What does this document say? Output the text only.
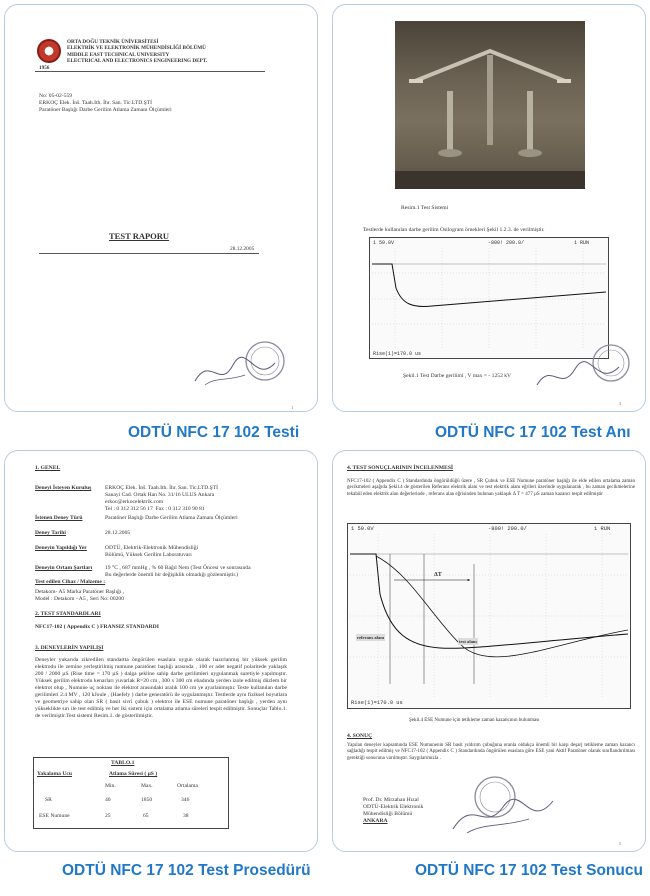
ORTA DOĞU TEKNİK ÜNİVERSİTESİ
ELEKTRİK VE ELEKTRONİK MÜHENDİSLİĞİ BÖLÜMÜ
MIDDLE EAST TECHNICAL UNIVERSITY
ELECTRICAL AND ELECTRONICS ENGINEERING DEPT.
1956
No: 05-02-559
ERKOÇ Elek. İnš. Taah.Ith. İhr. San. Tic.LTD.ŞTİ
Paratöner Başlığı Darbe Gerilim Atlama Zamanı Ölçümleri
TEST RAPORU
28.12.2005
1
ODTÜ NFC 17 102 Testi
Resim.1 Test Sistemi
Testlerde kullanılan darbe gerilim Osilogram örnekleri Şekil 1.2.3. de verilmiştir.
1 50.0V	-800! 200.0/	1 RUN
Rise(1)=170.0 us
Şekil.1 Test Darbe gerilimi , V max = - 1252 kV
3
ODTÜ NFC 17 102 Test Anı
1. GENEL
Deneyi İsteyen Kuruluş ERKOÇ Elek. İnš. Taah.Ith. İhr. San. Tic.LTD.ŞTİ
Sanayi Cad. Ortak Han No. 31/16 ULUS Ankara
erkoc@erkocelektrik.com
Tel : 0 312 312 56 17  Fax : 0 312 310 90 81
İstenen Deney Türü	Paratöner Başlığı Darbe Gerilim Atlama Zamanı Ölçümleri
Deney Tarihi	28.12.2005
Deneyin Yapıldığı Yer	ODTÜ, Elektrik-Elektronik Mühendisliği
Bölümü, Yüksek Gerilim Laboratuvarı
Deneyin Ortam Şartları 19 °C , 687 mmHg , % 60 Bağıl Nem (Test Öncesi ve sonrasında
Bu değerlerde önemli bir değişiklik olmadığı gözlenmiştir.)
Test edilen Cihaz / Malzeme :
Detakom- A5 Marka Paratöner Başlığı ,
Model : Detakom - A5 , Seri No: 00200
2. TEST STANDARDLARI
NFC17-102 ( Appendix C ) FRANSIZ STANDARDI
3. DENEYLERİN YAPILIŞI
Deneyler yukarıda zikredilen standartta öngörülen esaslara uygun olarak hazırlanmış bir yüksek gerilim elektrodu ile zemine yerleştirilmiş numune paratöner başlığı arasında , 100 er adet negatif polaritede yaklaşık 200 / 2000 µS (Rise time = 170 µS ) dalga şekline sahip darbe gerilimleri uygulanmak suretiyle yapılmıştır. Yüksek gerilim elektrodu kenarları yuvarlak R=20 cm , 300 x 300 cm ebadında yerden izole edilmiş düzlem bir elektrot olup , Numune uç noktası ile elektrot arasındaki aralık 100 cm ye ayarlanmıştır. Teste kullanılan darbe gerilimleri 2.4 MV , 120 kJoule , (Haefely ) darbe generatörü ile uygulanmıştır. Testlerde aynı fiziksel boyutlara ve geometriye sahip olan SR ( basit sivri çubuk ) elektrot ile ESE numune paratöner başlığı , yerden aynı yükseklikte sırı ile test edilmiş ve her iki sistem için ortalama atlama süreleri tespit edilmiştir. Sonuçlar Tablo.1. de verilmiştir.Test sistemi Resim.1. de gösterilmiştir.
TABLO.1
Yakalama Ucu	Atlama Süresi ( µS )
Min.	Max.	Ortalama
SR	40	1850	346
ESE Numune	25	65	38
ODTÜ NFC 17 102 Test Prosedürü
4. TEST SONUÇLARININ İNCELENMESİ
NFC17-102 ( Appendix C ) Standardında öngörüldüğü üzere , SR Çubuk ve ESE Numune paratöner başlığı ile elde edilen ortalama zaman gecikmeleri aşağıda Şekil.4 de gösterilen Referans elektrik alanı ve test elektrik alanı eğrileri üzerinde uygulanarak , bu zaman gecikmelerine tekabül eden elektrik alan değerlerinde , referans alan eğrisinden bulunan yaklaşık Δ T = 477 µS zaman kazancı tespit edilmiştir
1 50.0V	-800! 200.0/	1 RUN
ΔT
referans alanı
test alanı
Rise(1)=170.0 us
Şekil.4 ESE Numune için tetikleme zaman kazancının bulunması
4. SONUÇ
Yapılan deneyler kapsamında ESE Numunenin SR basit yıldırım çubuğuna oranla oldukça önemli bir karşı deşarj tetikleme zaman kazancı sağladığı tespit edilmiş ve NFC17-102 ( Appendix C ) Standardında öngörülen esaslara göre ESE yani Aktif Paratöner olarak sınıflandırılması gerektiği sonucuna varılmıştır. Saygılarımızla .
Prof. Dr. Mirzahan Hızal
ODTÜ-Elektrik Elektronik
Mühendisliği Bölümü
ANKARA
5
ODTÜ NFC 17 102 Test Sonucu
